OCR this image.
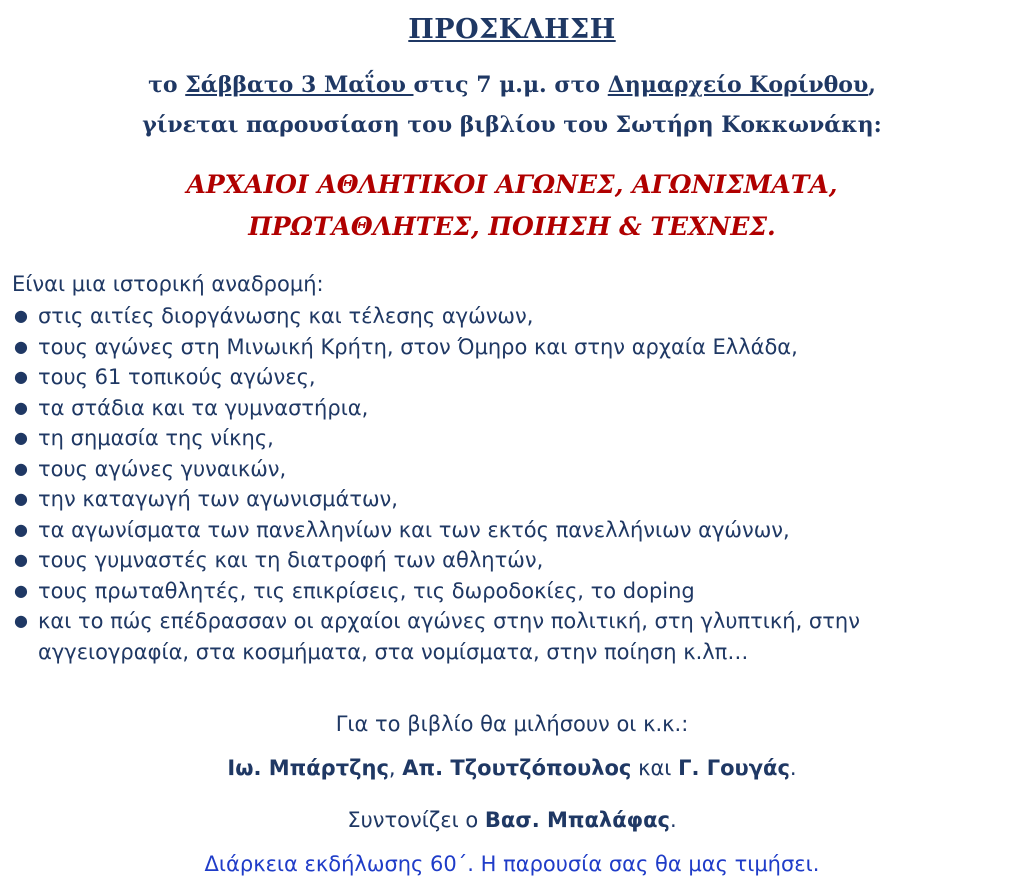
ΠΡΟΣΚΛΗΣΗ
το Σάββατο 3 Μαΐου στις 7 μ.μ. στο Δημαρχείο Κορίνθου,
γίνεται παρουσίαση του βιβλίου του Σωτήρη Κοκκωνάκη:
ΑΡΧΑΙΟΙ ΑΘΛΗΤΙΚΟΙ ΑΓΩΝΕΣ, ΑΓΩΝΙΣΜΑΤΑ,
ΠΡΩΤΑΘΛΗΤΕΣ, ΠΟΙΗΣΗ & ΤΕΧΝΕΣ.
Είναι μια ιστορική αναδρομή:
● στις αιτίες διοργάνωσης και τέλεσης αγώνων,
● τους αγώνες στη Μινωική Κρήτη, στον Όμηρο και στην αρχαία Ελλάδα,
● τους 61 τοπικούς αγώνες,
● τα στάδια και τα γυμναστήρια,
● τη σημασία της νίκης,
● τους αγώνες γυναικών,
● την καταγωγή των αγωνισμάτων,
● τα αγωνίσματα των πανελληνίων και των εκτός πανελλήνιων αγώνων,
● τους γυμναστές και τη διατροφή των αθλητών,
● τους πρωταθλητές, τις επικρίσεις, τις δωροδοκίες, το doping
● και το πώς επέδρασσαν οι αρχαίοι αγώνες στην πολιτική, στη γλυπτική, στην αγγειογραφία, στα κοσμήματα, στα νομίσματα, στην ποίηση κ.λπ…
Για το βιβλίο θα μιλήσουν οι κ.κ.:
Ιω. Μπάρτζης, Απ. Τζουτζόπουλος και Γ. Γουγάς.
Συντονίζει ο Βασ. Μπαλάφας.
Διάρκεια εκδήλωσης 60΄. Η παρουσία σας θα μας τιμήσει.
